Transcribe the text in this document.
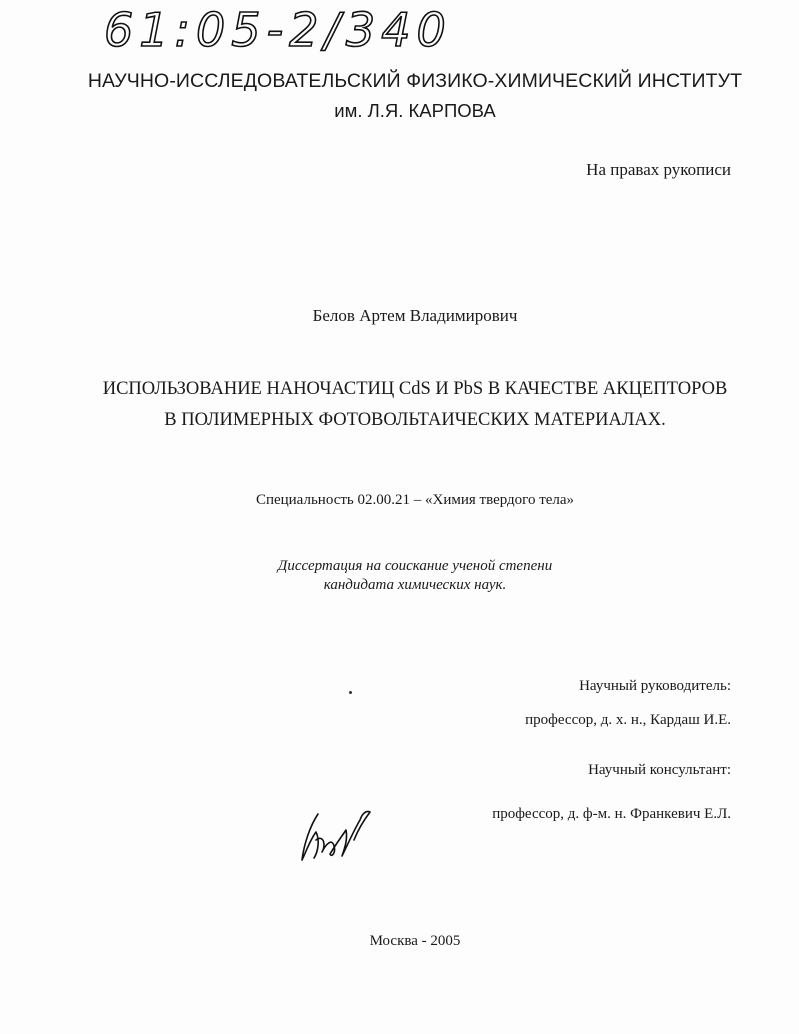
61:05-2/340
НАУЧНО-ИССЛЕДОВАТЕЛЬСКИЙ ФИЗИКО-ХИМИЧЕСКИЙ ИНСТИТУТ
им. Л.Я. КАРПОВА
На правах рукописи
Белов Артем Владимирович
ИСПОЛЬЗОВАНИЕ НАНОЧАСТИЦ CdS И PbS В КАЧЕСТВЕ АКЦЕПТОРОВ
В ПОЛИМЕРНЫХ ФОТОВОЛЬТАИЧЕСКИХ МАТЕРИАЛАХ.
Специальность 02.00.21 – «Химия твердого тела»
Диссертация на соискание ученой степени
кандидата химических наук.
Научный руководитель:
профессор, д. х. н., Кардаш И.Е.
Научный консультант:
профессор, д. ф-м. н. Франкевич Е.Л.
Москва - 2005
